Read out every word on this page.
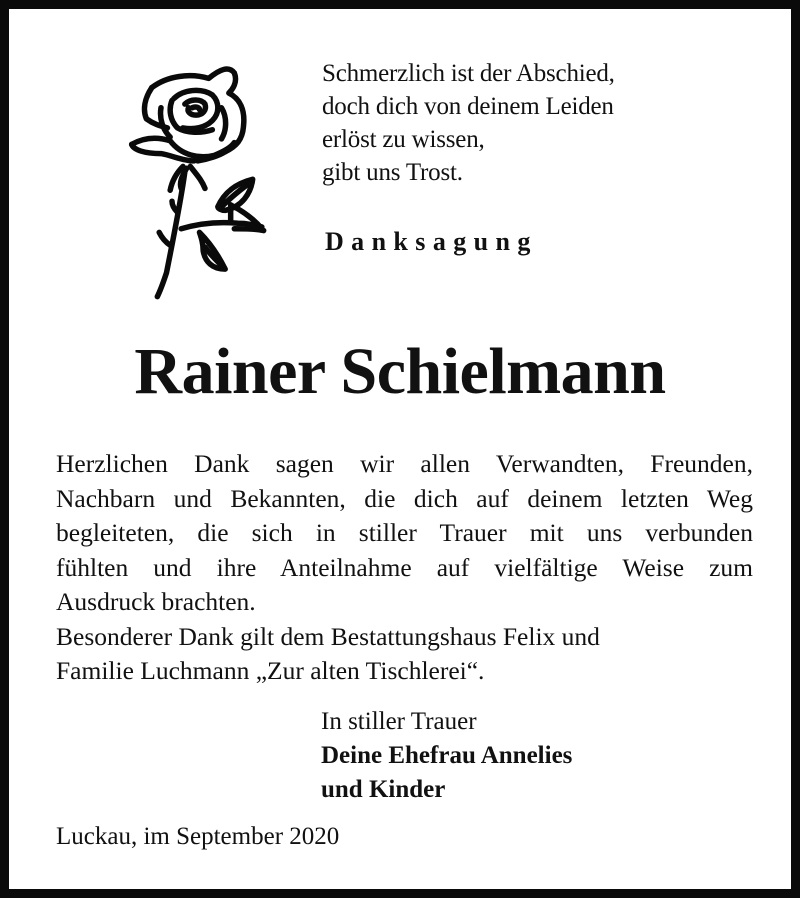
Schmerzlich ist der Abschied,
doch dich von deinem Leiden
erlöst zu wissen,
gibt uns Trost.
Danksagung
Rainer Schielmann
Herzlichen Dank sagen wir allen Verwandten, Freunden,
Nachbarn und Bekannten, die dich auf deinem letzten Weg
begleiteten, die sich in stiller Trauer mit uns verbunden
fühlten und ihre Anteilnahme auf vielfältige Weise zum
Ausdruck brachten.
Besonderer Dank gilt dem Bestattungshaus Felix und
Familie Luchmann „Zur alten Tischlerei“.
In stiller Trauer
Deine Ehefrau Annelies
und Kinder
Luckau, im September 2020
